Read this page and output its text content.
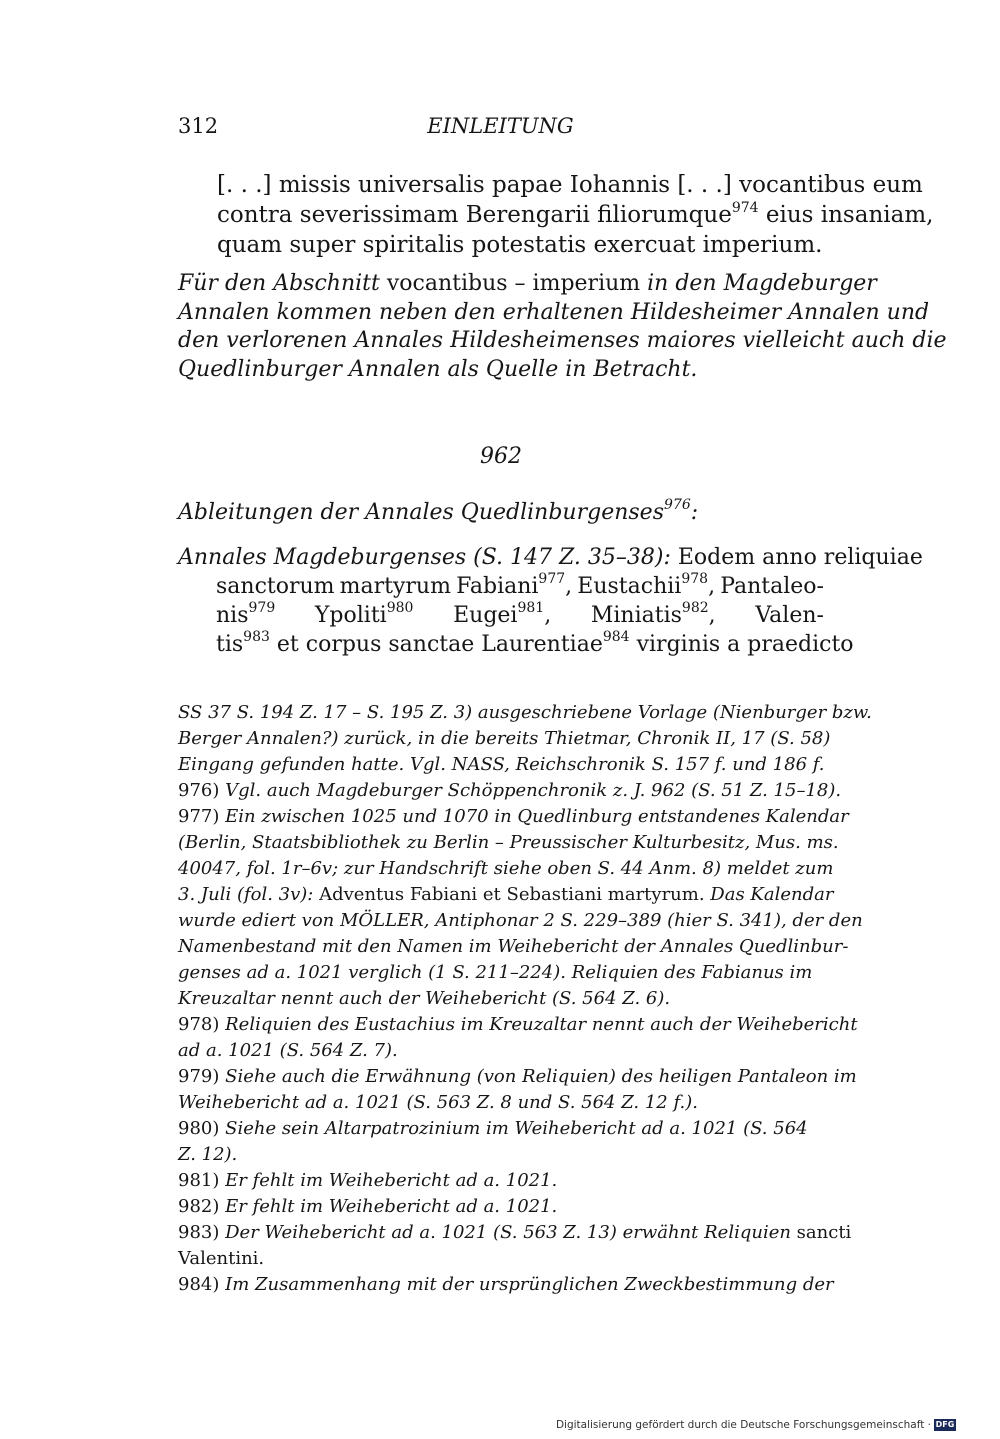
312	EINLEITUNG
[. . .] missis universalis papae Iohannis [. . .] vocantibus eum
contra severissimam Berengarii filiorumque$^{974}$ eius insaniam,
quam super spiritalis potestatis exercuat imperium.
Für den Abschnitt vocantibus – imperium in den Magdeburger
Annalen kommen neben den erhaltenen Hildesheimer Annalen und
den verlorenen Annales Hildesheimenses maiores vielleicht auch die
Quedlinburger Annalen als Quelle in Betracht.
962
Ableitungen der Annales Quedlinburgenses$^{976}$:
Annales Magdeburgenses (S. 147 Z. 35–38): Eodem anno reliquiae
sanctorum martyrum Fabiani$^{977}$, Eustachii$^{978}$, Pantaleo-
nis$^{979}$ Ypoliti$^{980}$ Eugei$^{981}$, Miniatis$^{982}$, Valen-
tis$^{983}$ et corpus sanctae Laurentiae$^{984}$ virginis a praedicto
SS 37 S. 194 Z. 17 – S. 195 Z. 3) ausgeschriebene Vorlage (Nienburger bzw.
Berger Annalen?) zurück, in die bereits Thietmar, Chronik II, 17 (S. 58)
Eingang gefunden hatte. Vgl. NASS, Reichschronik S. 157 f. und 186 f.
976) Vgl. auch Magdeburger Schöppenchronik z. J. 962 (S. 51 Z. 15–18).
977) Ein zwischen 1025 und 1070 in Quedlinburg entstandenes Kalendar
(Berlin, Staatsbibliothek zu Berlin – Preussischer Kulturbesitz, Mus. ms.
40047, fol. 1r–6v; zur Handschrift siehe oben S. 44 Anm. 8) meldet zum
3. Juli (fol. 3v): Adventus Fabiani et Sebastiani martyrum. Das Kalendar
wurde ediert von MÖLLER, Antiphonar 2 S. 229–389 (hier S. 341), der den
Namenbestand mit den Namen im Weihebericht der Annales Quedlinbur-
genses ad a. 1021 verglich (1 S. 211–224). Reliquien des Fabianus im
Kreuzaltar nennt auch der Weihebericht (S. 564 Z. 6).
978) Reliquien des Eustachius im Kreuzaltar nennt auch der Weihebericht
ad a. 1021 (S. 564 Z. 7).
979) Siehe auch die Erwähnung (von Reliquien) des heiligen Pantaleon im
Weihebericht ad a. 1021 (S. 563 Z. 8 und S. 564 Z. 12 f.).
980) Siehe sein Altarpatrozinium im Weihebericht ad a. 1021 (S. 564
Z. 12).
981) Er fehlt im Weihebericht ad a. 1021.
982) Er fehlt im Weihebericht ad a. 1021.
983) Der Weihebericht ad a. 1021 (S. 563 Z. 13) erwähnt Reliquien sancti
Valentini.
984) Im Zusammenhang mit der ursprünglichen Zweckbestimmung der
Digitalisierung gefördert durch die Deutsche Forschungsgemeinschaft · DFG
